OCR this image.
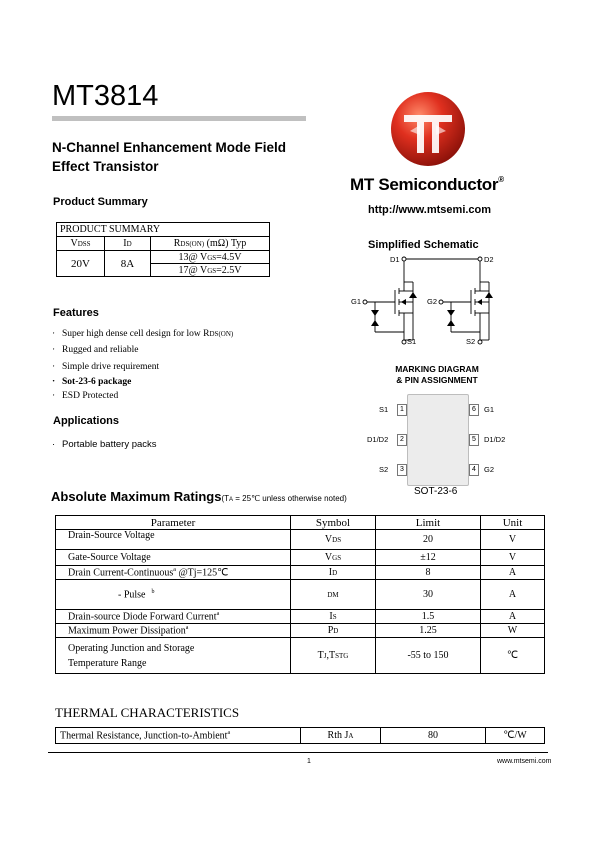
MT3814
N-Channel Enhancement Mode Field
Effect Transistor
MT Semiconductor®
http://www.mtsemi.com
Product Summary
PRODUCT SUMMARY		
VDSS	ID	RDS(ON) (mΩ) Typ
20V	8A	13@ VGS=4.5V
		17@ VGS=2.5V
Features
· Super high dense cell design for low RDS(ON)
· Rugged and reliable
· Simple drive requirement
· Sot-23-6 package
· ESD Protected
Applications
· Portable battery packs
Simplified Schematic
D1	D2
G1	G2
S1	S2
MARKING DIAGRAM
& PIN ASSIGNMENT
1
2
3
6
5
4
S1
D1/D2
S2
G1
D1/D2
G2
SOT-23-6
Absolute Maximum Ratings(TA = 25℃ unless otherwise noted)
Parameter	Symbol	Limit	Unit
Drain-Source Voltage	VDS	20	V
Gate-Source Voltage	VGS	±12	V
Drain Current-Continuous$^a$ @Tj=125℃	ID	8	A
- Pulse $^b$	DM	30	A
Drain-source Diode Forward Current$^a$	IS	1.5	A
Maximum Power Dissipation$^a$	PD	1.25	W

Operating Junction and Storage
Temperature Range	TJ,TSTG	-55 to 150	℃
THERMAL CHARACTERISTICS
Thermal Resistance, Junction-to-Ambient$^a$	Rth JA	80	℃/W
1	www.mtsemi.com
